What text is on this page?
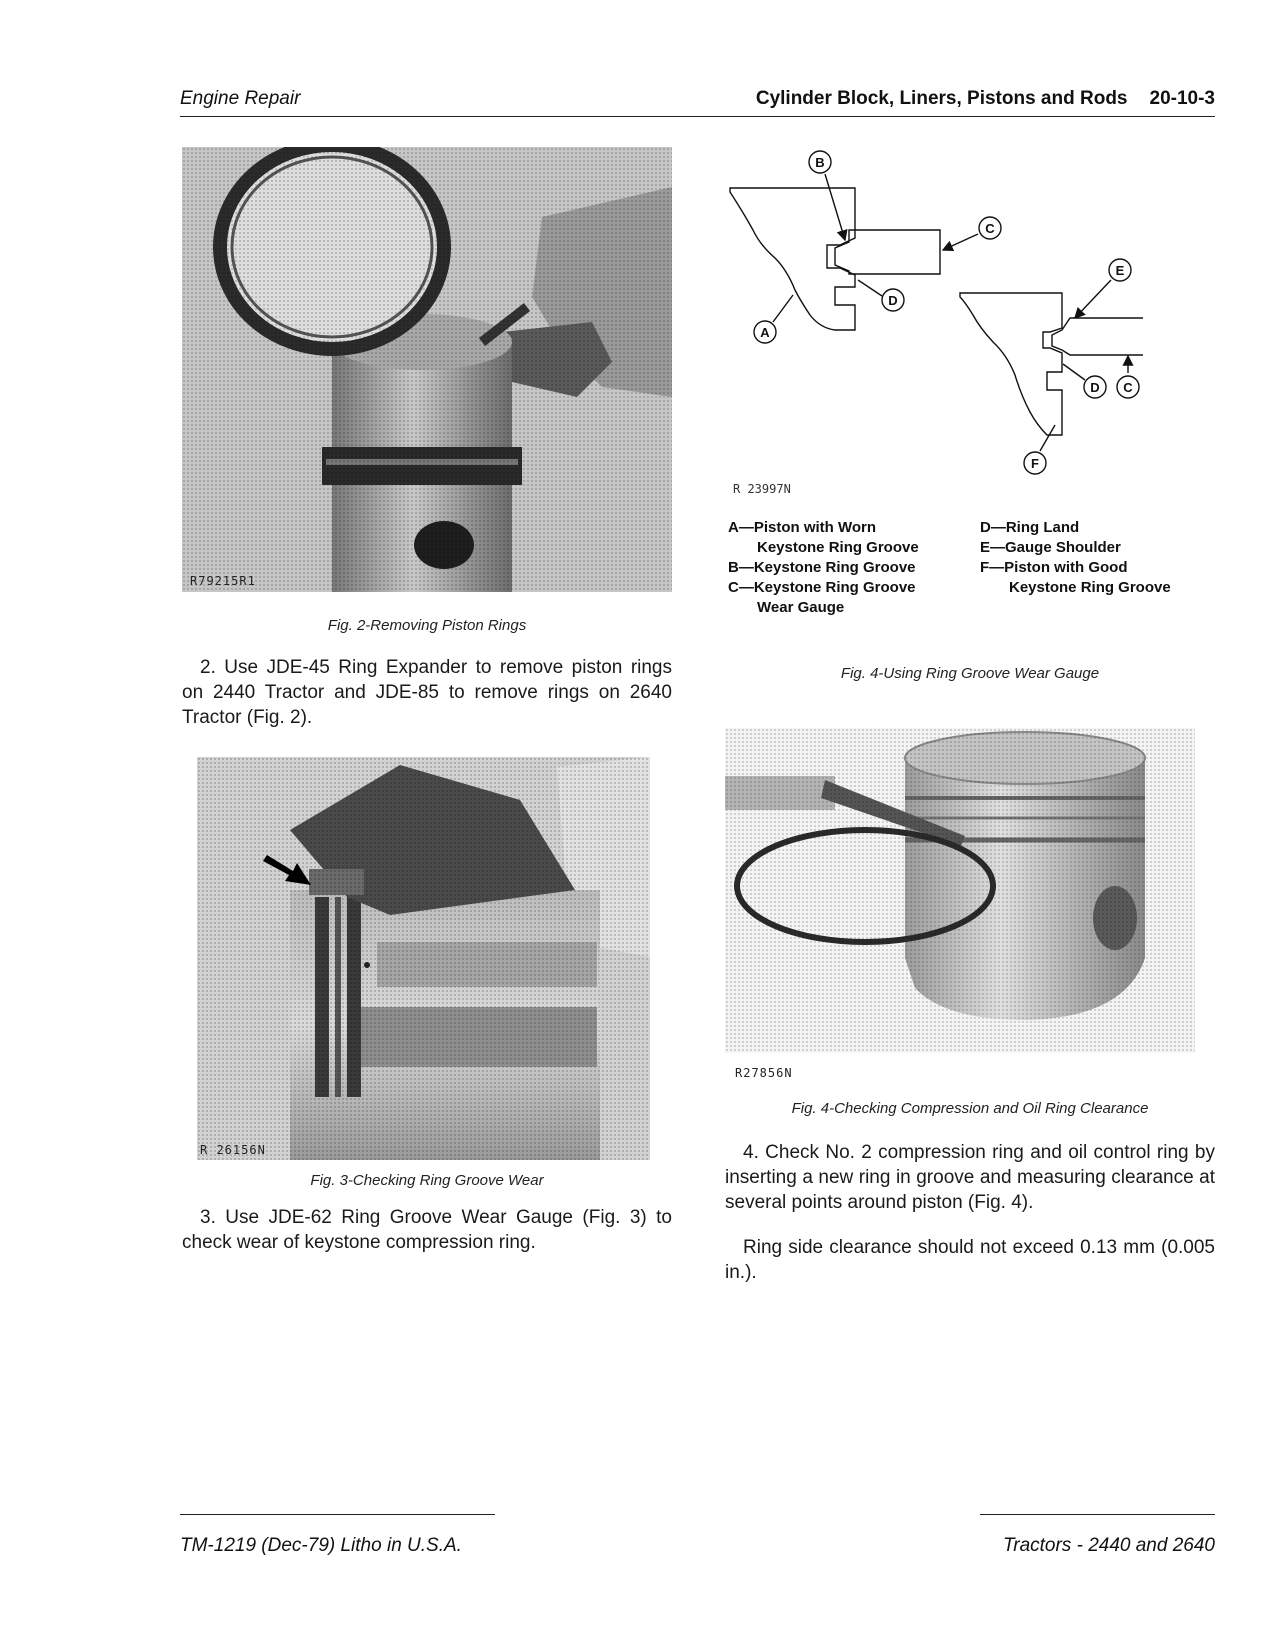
Engine Repair	Cylinder Block, Liners, Pistons and Rods 20-10-3
R79215R1
Fig. 2-Removing Piston Rings
2. Use JDE-45 Ring Expander to remove piston rings on 2440 Tractor and JDE-85 to remove rings on 2640 Tractor (Fig. 2).
R 26156N
Fig. 3-Checking Ring Groove Wear
3. Use JDE-62 Ring Groove Wear Gauge (Fig. 3) to check wear of keystone compression ring.
B
C
D
A
E
D C
F
R 23997N
A—Piston with Worn
Keystone Ring Groove
B—Keystone Ring Groove
C—Keystone Ring Groove
Wear Gauge
D—Ring Land
E—Gauge Shoulder
F—Piston with Good
Keystone Ring Groove
Fig. 4-Using Ring Groove Wear Gauge
R27856N
Fig. 4-Checking Compression and Oil Ring Clearance
4. Check No. 2 compression ring and oil control ring by inserting a new ring in groove and measuring clearance at several points around piston (Fig. 4).
Ring side clearance should not exceed 0.13 mm (0.005 in.).
TM-1219 (Dec-79) Litho in U.S.A.	Tractors - 2440 and 2640
